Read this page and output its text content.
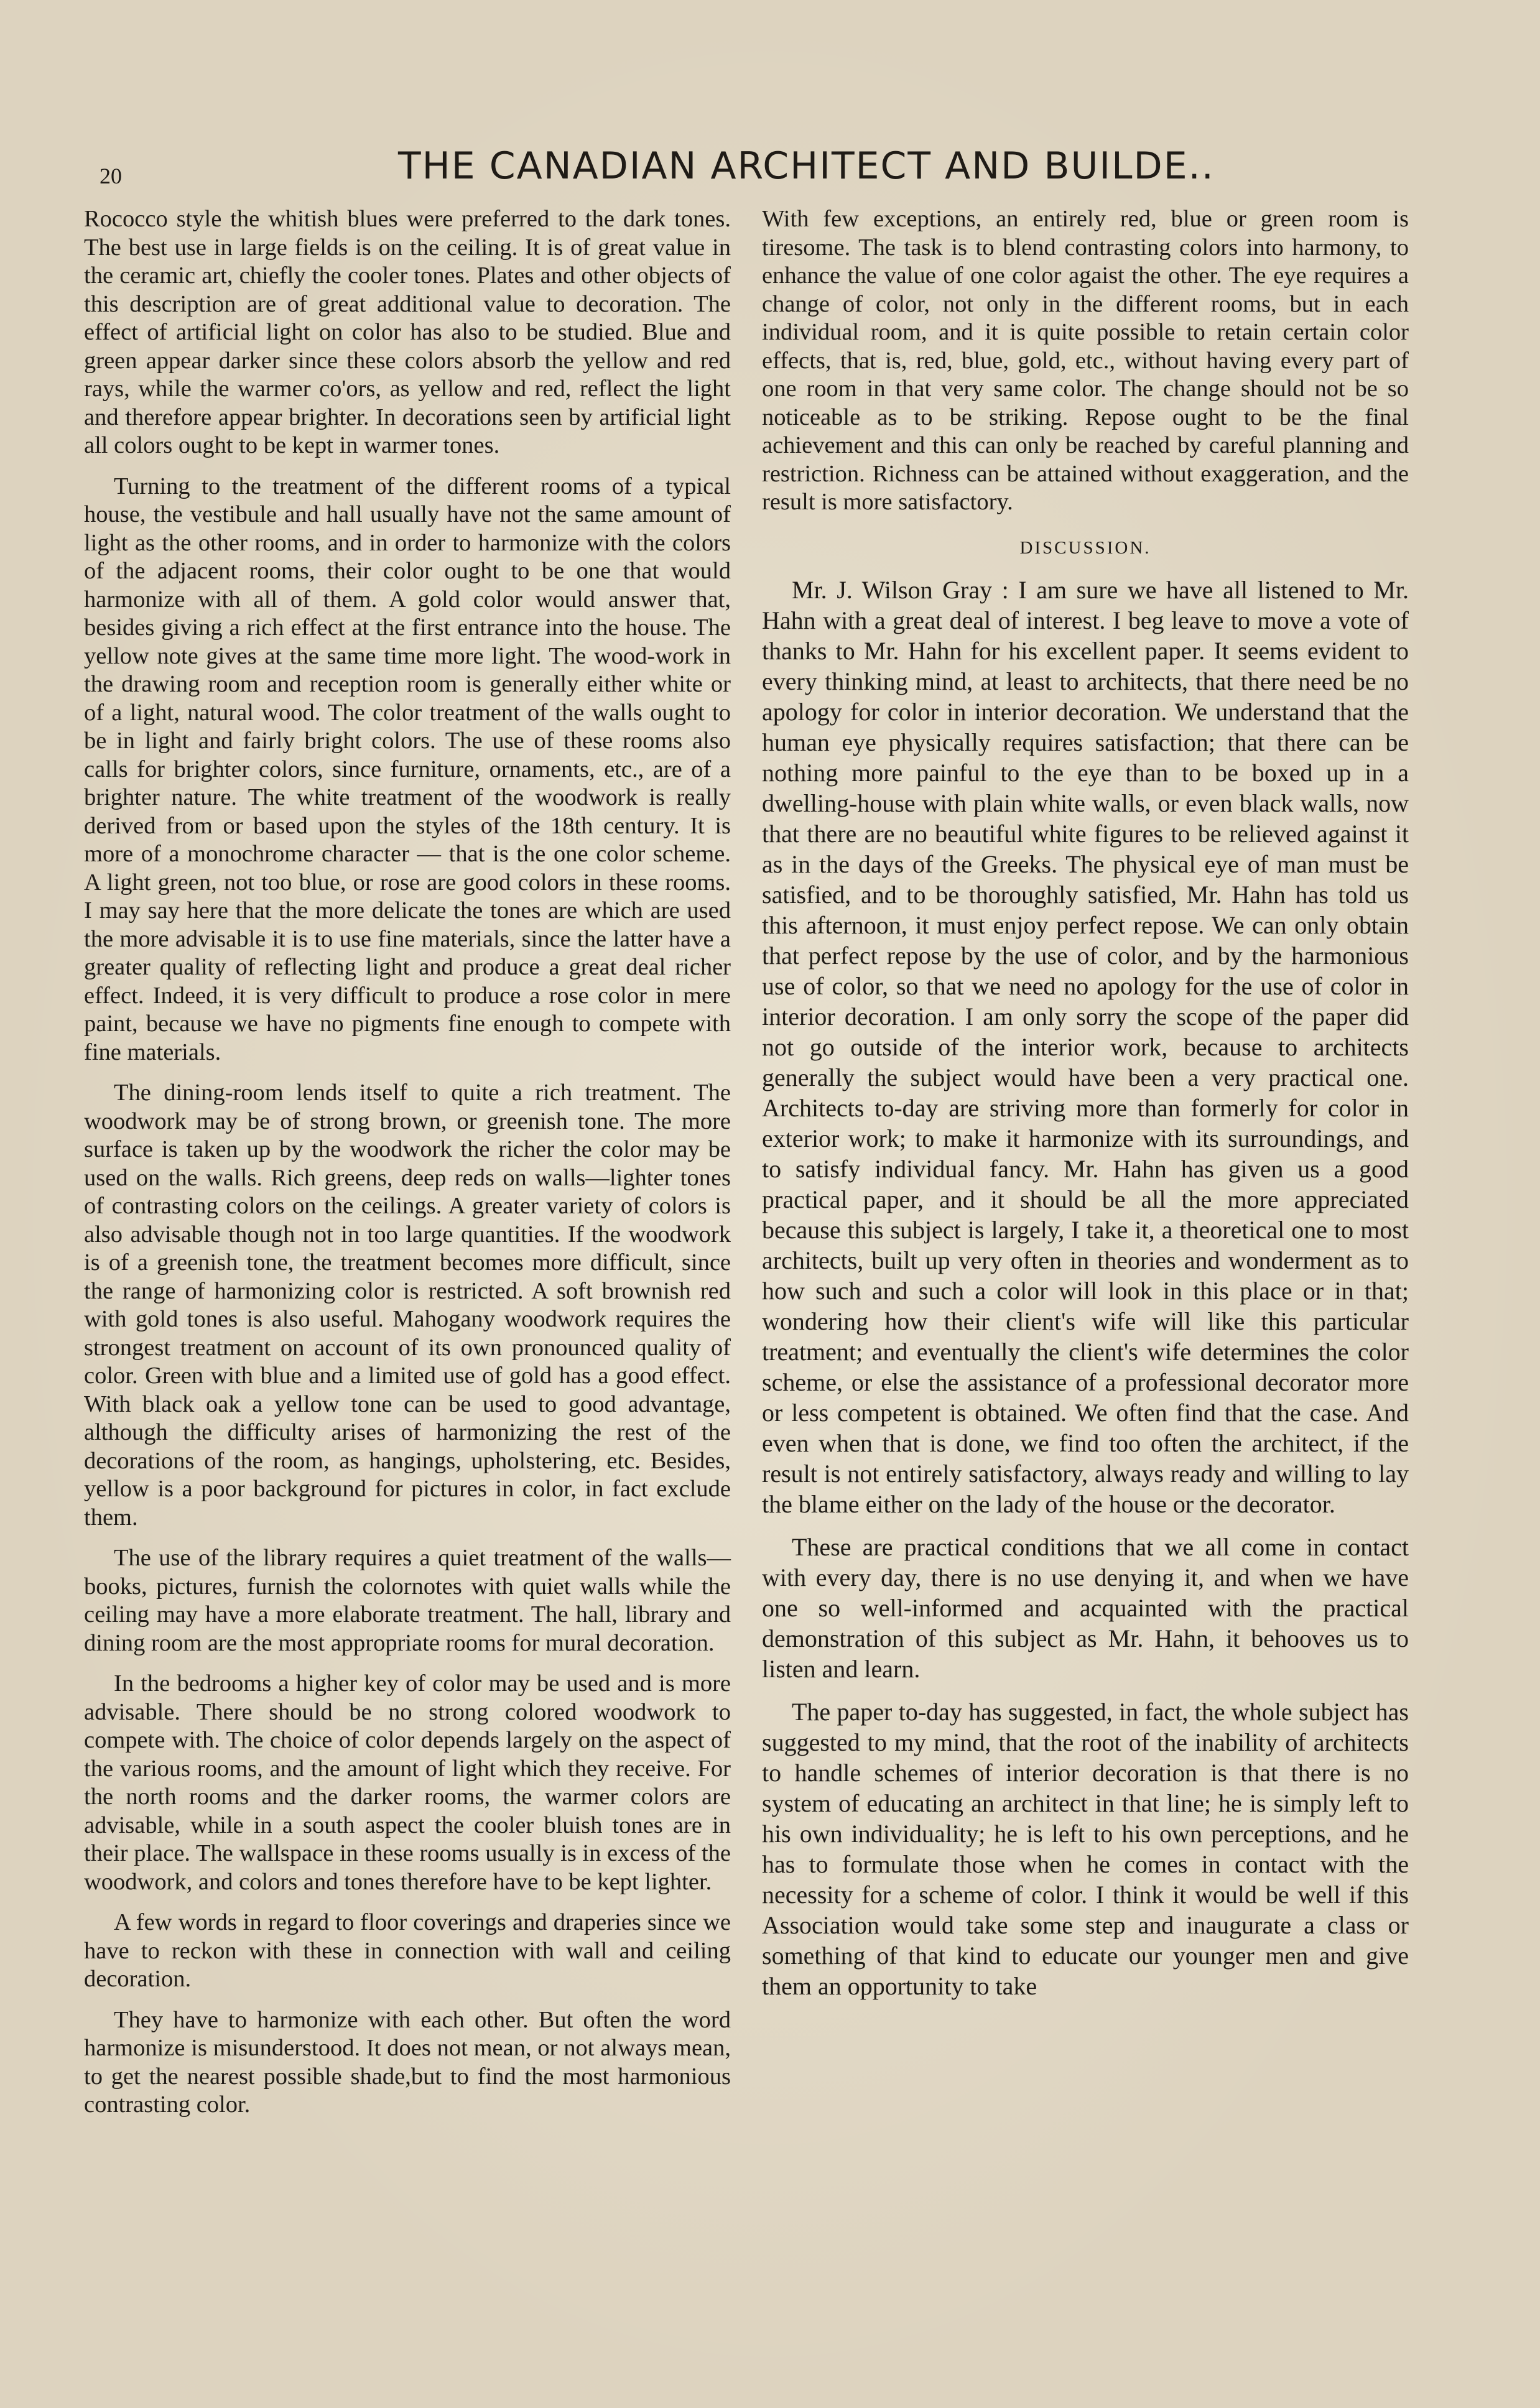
20	THE CANADIAN ARCHITECT AND BUILDE..

Rococco style the whitish blues were preferred to the dark tones. The best use in large fields is on the ceiling. It is of great value in the ceramic art, chiefly the cooler tones. Plates and other objects of this description are of great additional value to decoration. The effect of artificial light on color has also to be studied. Blue and green appear darker since these colors absorb the yellow and red rays, while the warmer co'ors, as yellow and red, reflect the light and therefore appear brighter. In decorations seen by artificial light all colors ought to be kept in warmer tones.

Turning to the treatment of the different rooms of a typical house, the vestibule and hall usually have not the same amount of light as the other rooms, and in order to harmonize with the colors of the adjacent rooms, their color ought to be one that would harmonize with all of them. A gold color would answer that, besides giving a rich effect at the first entrance into the house. The yellow note gives at the same time more light. The wood-work in the drawing room and reception room is generally either white or of a light, natural wood. The color treatment of the walls ought to be in light and fairly bright colors. The use of these rooms also calls for brighter colors, since furniture, ornaments, etc., are of a brighter nature. The white treatment of the woodwork is really derived from or based upon the styles of the 18th century. It is more of a monochrome character — that is the one color scheme. A light green, not too blue, or rose are good colors in these rooms. I may say here that the more delicate the tones are which are used the more advisable it is to use fine materials, since the latter have a greater quality of reflecting light and produce a great deal richer effect. Indeed, it is very difficult to produce a rose color in mere paint, because we have no pigments fine enough to compete with fine materials.

The dining-room lends itself to quite a rich treatment. The woodwork may be of strong brown, or greenish tone. The more surface is taken up by the woodwork the richer the color may be used on the walls. Rich greens, deep reds on walls—lighter tones of contrasting colors on the ceilings. A greater variety of colors is also advisable though not in too large quantities. If the woodwork is of a greenish tone, the treatment becomes more difficult, since the range of harmonizing color is restricted. A soft brownish red with gold tones is also useful. Mahogany woodwork requires the strongest treatment on account of its own pronounced quality of color. Green with blue and a limited use of gold has a good effect. With black oak a yellow tone can be used to good advantage, although the difficulty arises of harmonizing the rest of the decorations of the room, as hangings, upholstering, etc. Besides, yellow is a poor background for pictures in color, in fact exclude them.

The use of the library requires a quiet treatment of the walls—books, pictures, furnish the colornotes with quiet walls while the ceiling may have a more elaborate treatment. The hall, library and dining room are the most appropriate rooms for mural decoration.

In the bedrooms a higher key of color may be used and is more advisable. There should be no strong colored woodwork to compete with. The choice of color depends largely on the aspect of the various rooms, and the amount of light which they receive. For the north rooms and the darker rooms, the warmer colors are advisable, while in a south aspect the cooler bluish tones are in their place. The wallspace in these rooms usually is in excess of the woodwork, and colors and tones therefore have to be kept lighter.

A few words in regard to floor coverings and draperies since we have to reckon with these in connection with wall and ceiling decoration.

They have to harmonize with each other. But often the word harmonize is misunderstood. It does not mean, or not always mean, to get the nearest possible shade,but to find the most harmonious contrasting color.

With few exceptions, an entirely red, blue or green room is tiresome. The task is to blend contrasting colors into harmony, to enhance the value of one color agaist the other. The eye requires a change of color, not only in the different rooms, but in each individual room, and it is quite possible to retain certain color effects, that is, red, blue, gold, etc., without having every part of one room in that very same color. The change should not be so noticeable as to be striking. Repose ought to be the final achievement and this can only be reached by careful planning and restriction. Richness can be attained without exaggeration, and the result is more satisfactory.

DISCUSSION.

Mr. J. Wilson Gray : I am sure we have all listened to Mr. Hahn with a great deal of interest. I beg leave to move a vote of thanks to Mr. Hahn for his excellent paper. It seems evident to every thinking mind, at least to architects, that there need be no apology for color in interior decoration. We understand that the human eye physically requires satisfaction; that there can be nothing more painful to the eye than to be boxed up in a dwelling-house with plain white walls, or even black walls, now that there are no beautiful white figures to be relieved against it as in the days of the Greeks. The physical eye of man must be satisfied, and to be thoroughly satisfied, Mr. Hahn has told us this afternoon, it must enjoy perfect repose. We can only obtain that perfect repose by the use of color, and by the harmonious use of color, so that we need no apology for the use of color in interior decoration. I am only sorry the scope of the paper did not go outside of the interior work, because to architects generally the subject would have been a very practical one. Architects to-day are striving more than formerly for color in exterior work; to make it harmonize with its surroundings, and to satisfy individual fancy. Mr. Hahn has given us a good practical paper, and it should be all the more appreciated because this subject is largely, I take it, a theoretical one to most architects, built up very often in theories and wonderment as to how such and such a color will look in this place or in that; wondering how their client's wife will like this particular treatment; and eventually the client's wife determines the color scheme, or else the assistance of a professional decorator more or less competent is obtained. We often find that the case. And even when that is done, we find too often the architect, if the result is not entirely satisfactory, always ready and willing to lay the blame either on the lady of the house or the decorator.

These are practical conditions that we all come in contact with every day, there is no use denying it, and when we have one so well-informed and acquainted with the practical demonstration of this subject as Mr. Hahn, it behooves us to listen and learn.

The paper to-day has suggested, in fact, the whole subject has suggested to my mind, that the root of the inability of architects to handle schemes of interior decoration is that there is no system of educating an architect in that line; he is simply left to his own individuality; he is left to his own perceptions, and he has to formulate those when he comes in contact with the necessity for a scheme of color. I think it would be well if this Association would take some step and inaugurate a class or something of that kind to educate our younger men and give them an opportunity to take
